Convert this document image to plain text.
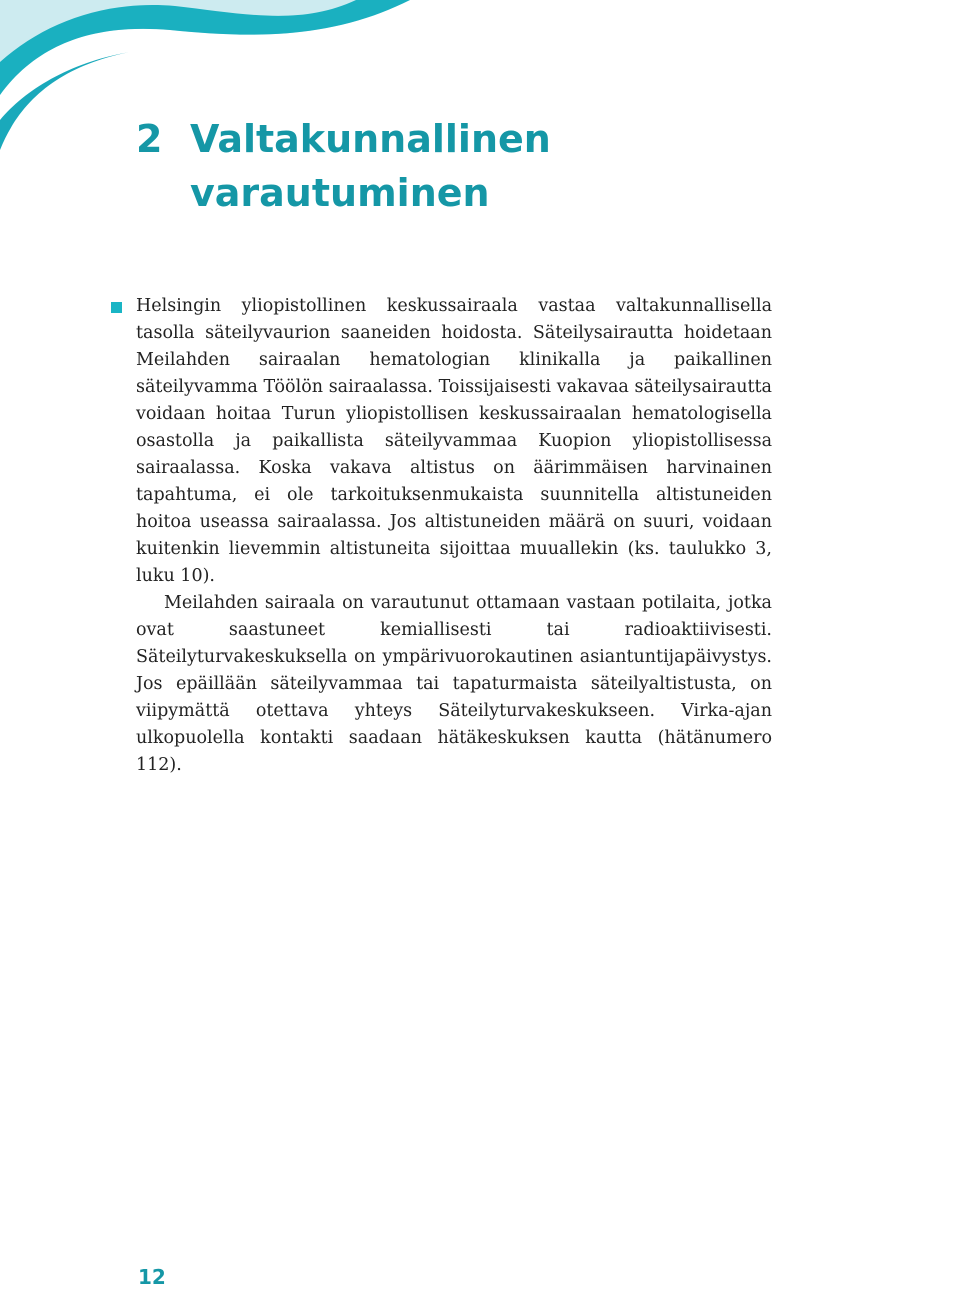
2 Valtakunnallinen varautuminen

Helsingin yliopistollinen keskussairaala vastaa valtakunnallisella tasolla säteilyvaurion saaneiden hoidosta. Säteilysairautta hoidetaan Meilahden sairaalan hematologian klinikalla ja paikallinen säteilyvamma Töölön sairaalassa. Toissijaisesti vakavaa säteilysairautta voidaan hoitaa Turun yliopistollisen keskussairaalan hematologisella osastolla ja paikallista säteilyvammaa Kuopion yliopistollisessa sairaalassa. Koska vakava altistus on äärimmäisen harvinainen tapahtuma, ei ole tarkoituksenmukaista suunnitella altistuneiden hoitoa useassa sairaalassa. Jos altistuneiden määrä on suuri, voidaan kuitenkin lievemmin altistuneita sijoittaa muuallekin (ks. taulukko 3, luku 10).

Meilahden sairaala on varautunut ottamaan vastaan potilaita, jotka ovat saastuneet kemiallisesti tai radioaktiivisesti. Säteilyturvakeskuksella on ympärivuorokautinen asiantuntijapäivystys. Jos epäillään säteilyvammaa tai tapaturmaista säteilyaltistusta, on viipymättä otettava yhteys Säteilyturvakeskukseen. Virka-ajan ulkopuolella kontakti saadaan hätäkeskuksen kautta (hätänumero 112).

12
